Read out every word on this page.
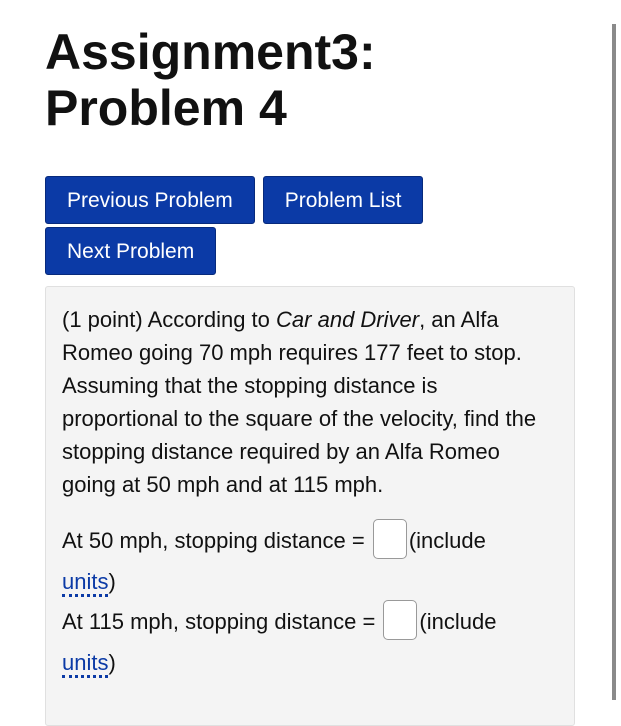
Assignment3:
Problem 4
Previous Problem	Problem List
Next Problem

(1 point) According to Car and Driver, an Alfa Romeo going 70 mph requires 177 feet to stop. Assuming that the stopping distance is proportional to the square of the velocity, find the stopping distance required by an Alfa Romeo going at 50 mph and at 115 mph.

At 50 mph, stopping distance = (include

units)

At 115 mph, stopping distance = (include

units)
